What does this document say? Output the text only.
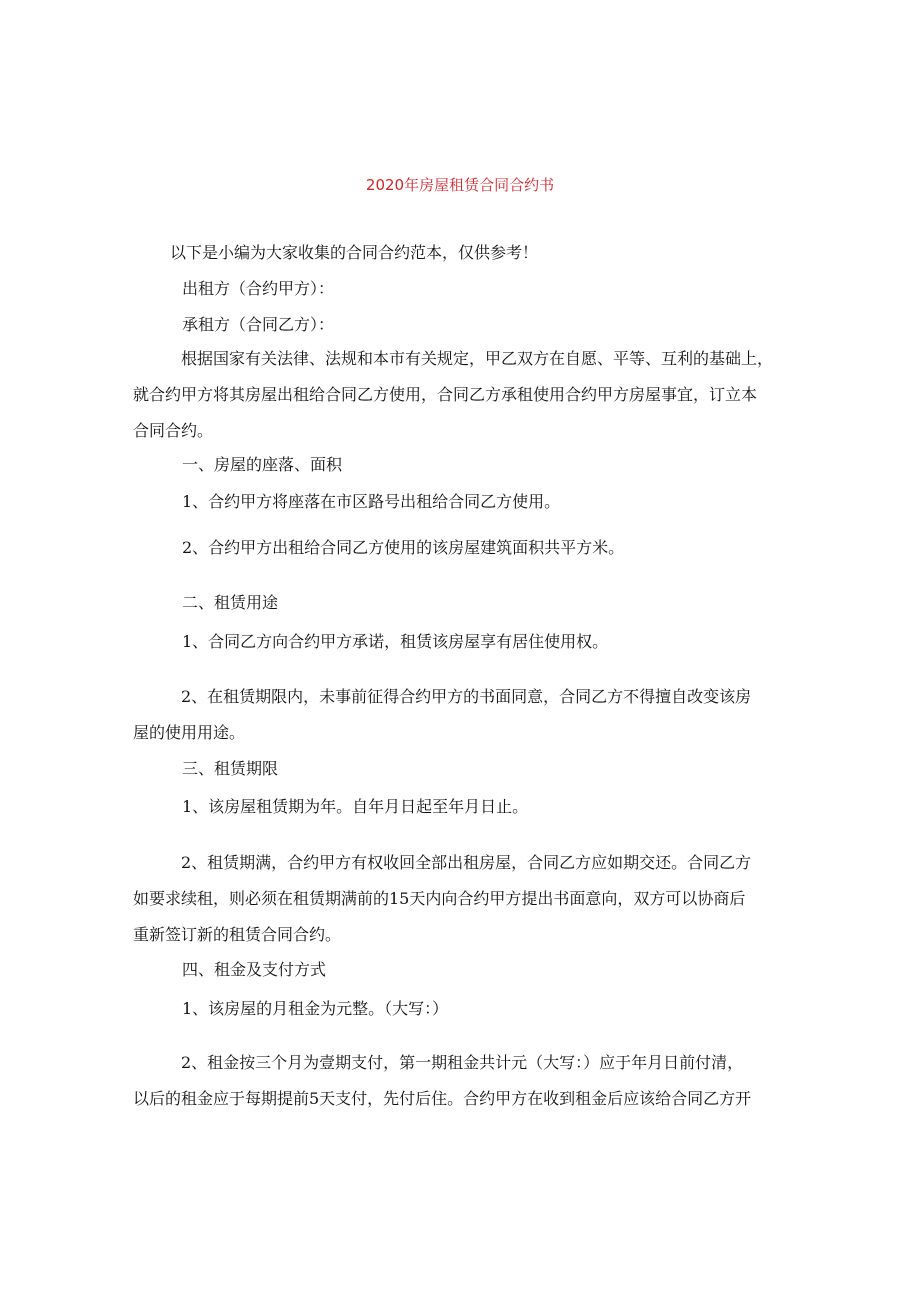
2020年房屋租赁合同合约书
以下是小编为大家收集的合同合约范本，仅供参考！
出租方（合约甲方）：
承租方（合同乙方）：

根据国家有关法律、法规和本市有关规定，甲乙双方在自愿、平等、互利的基础上，

就合约甲方将其房屋出租给合同乙方使用，合同乙方承租使用合约甲方房屋事宜，订立本

合同合约。

一、房屋的座落、面积
1、合约甲方将座落在市区路号出租给合同乙方使用。
2、合约甲方出租给合同乙方使用的该房屋建筑面积共平方米。
二、租赁用途
1、合同乙方向合约甲方承诺，租赁该房屋享有居住使用权。

2、在租赁期限内，未事前征得合约甲方的书面同意，合同乙方不得擅自改变该房

屋的使用用途。

三、租赁期限
1、该房屋租赁期为年。自年月日起至年月日止。

2、租赁期满，合约甲方有权收回全部出租房屋，合同乙方应如期交还。合同乙方

如要求续租，则必须在租赁期满前的15天内向合约甲方提出书面意向，双方可以协商后

重新签订新的租赁合同合约。

四、租金及支付方式
1、该房屋的月租金为元整。（大写：）

2、租金按三个月为壹期支付，第一期租金共计元（大写：）应于年月日前付清，

以后的租金应于每期提前5天支付，先付后住。合约甲方在收到租金后应该给合同乙方开
